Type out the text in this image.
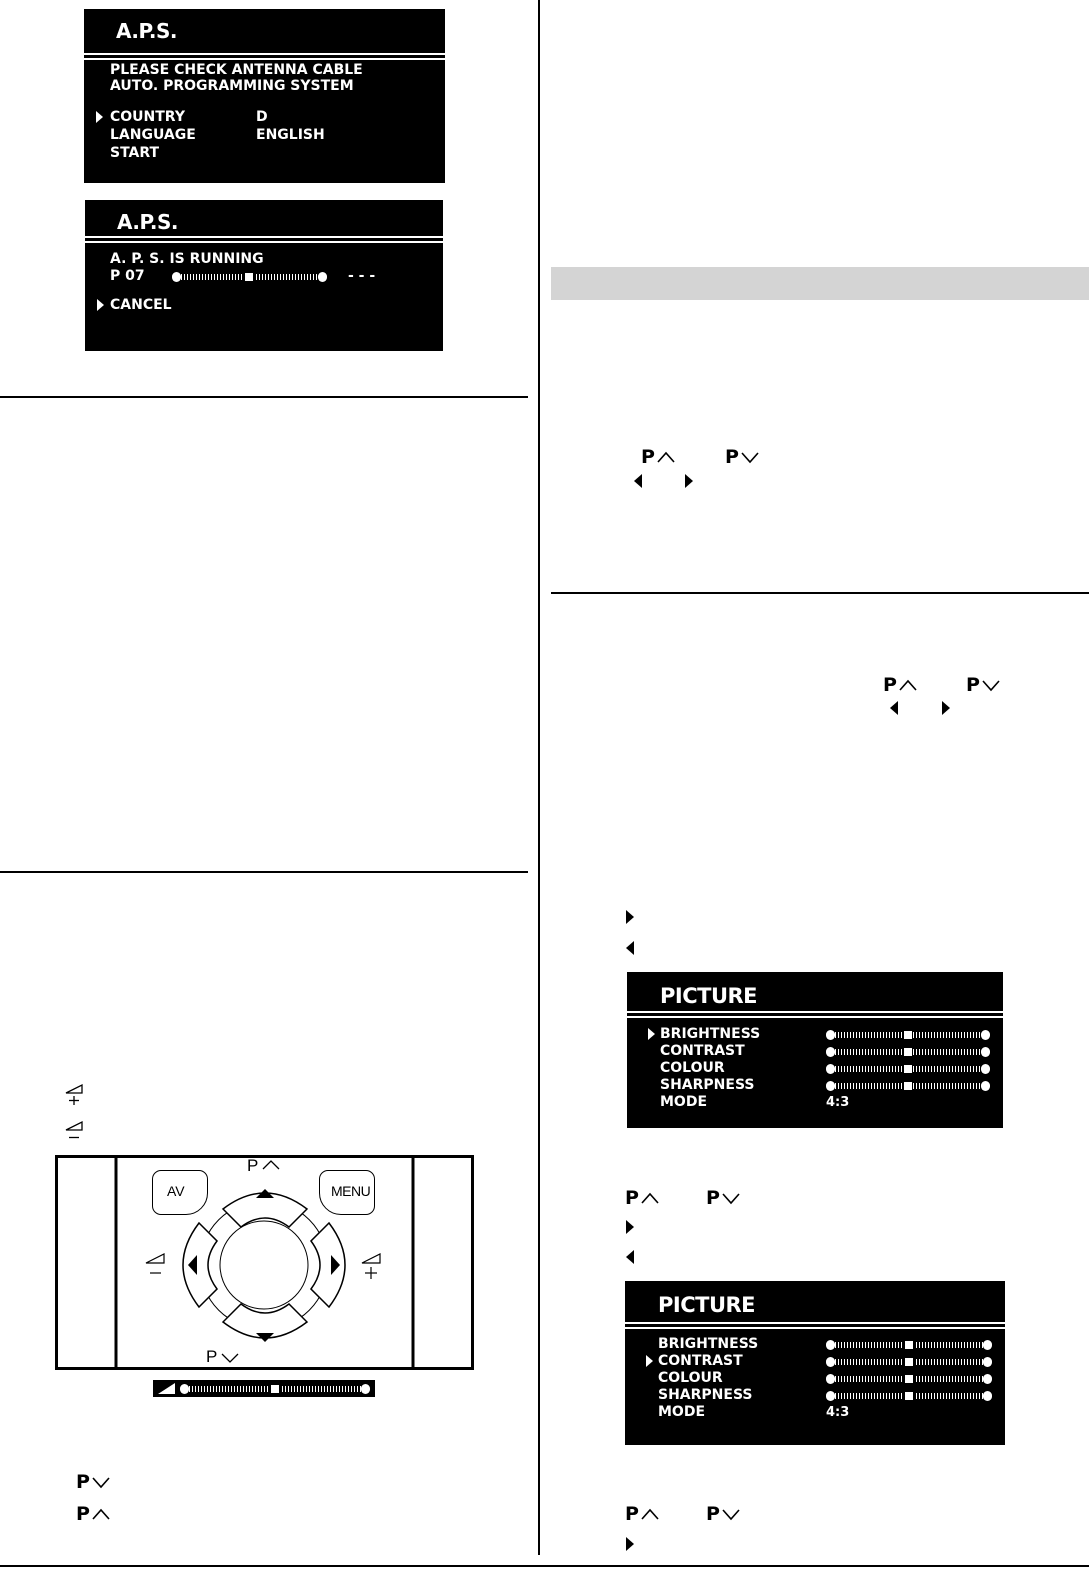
A.P.S.
PLEASE CHECK ANTENNA CABLE
AUTO. PROGRAMMING SYSTEM
COUNTRY	D
LANGUAGE	ENGLISH
START
A.P.S.
A. P. S. IS RUNNING
P 07	- - -
CANCEL
P	P
P	P
PICTURE
BRIGHTNESS
CONTRAST
COLOUR
SHARPNESS
MODE	4:3
P	P
PICTURE
BRIGHTNESS
CONTRAST
COLOUR
SHARPNESS
MODE	4:3
P	P
AV	MENU
P
P
P
P
